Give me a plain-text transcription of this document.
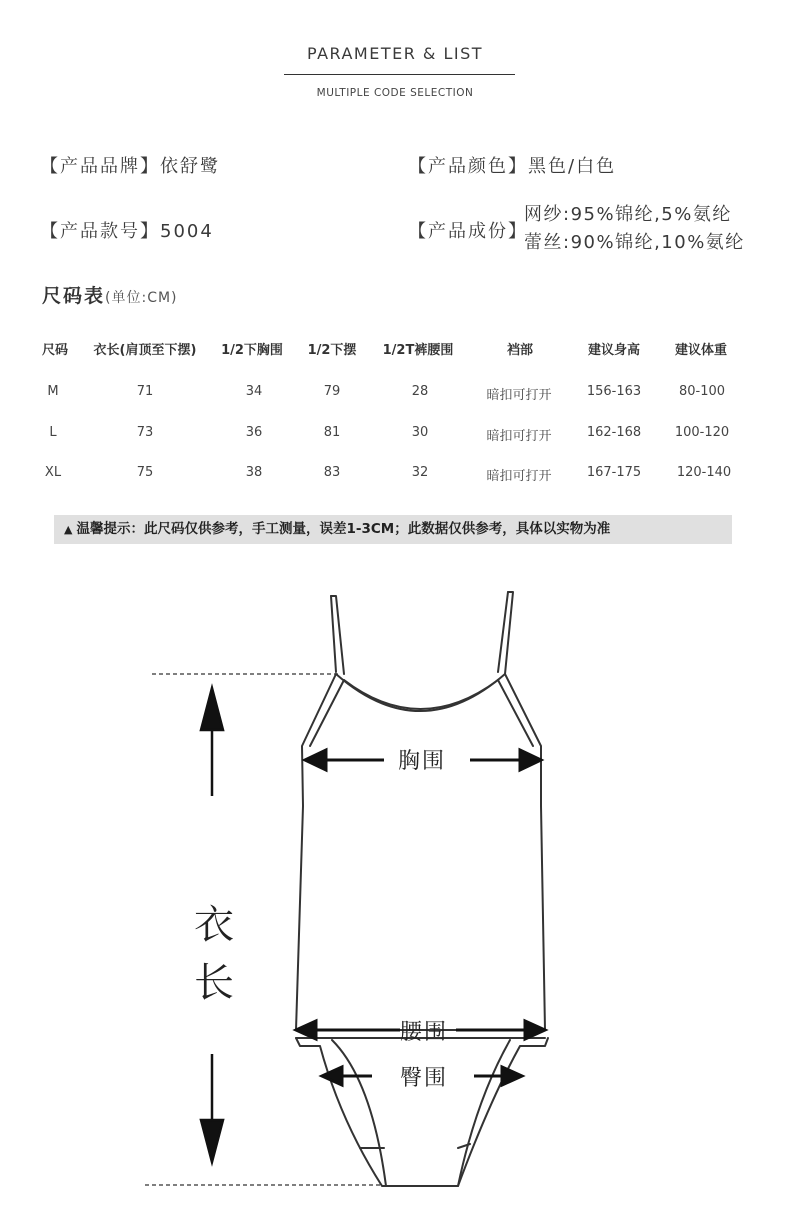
PARAMETER & LIST
MULTIPLE CODE SELECTION
【产品品牌】依舒鹭	【产品颜色】黑色/白色
【产品款号】5004	【产品成份】
网纱:95%锦纶,5%氨纶
蕾丝:90%锦纶,10%氨纶
尺码表(单位:CM)
尺码 衣长(肩顶至下摆) 1/2下胸围 1/2下摆 1/2T裤腰围	裆部	建议身高	建议体重
M	71	34	79	28	暗扣可打开	156-163	80-100
L	73	36	81	30	暗扣可打开	162-168	100-120
XL	75	38	83	32	暗扣可打开	167-175	120-140
▲ 温馨提示：此尺码仅供参考，手工测量，误差1-3CM；此数据仅供参考，具体以实物为准
胸围
腰围
臀围
衣
长
